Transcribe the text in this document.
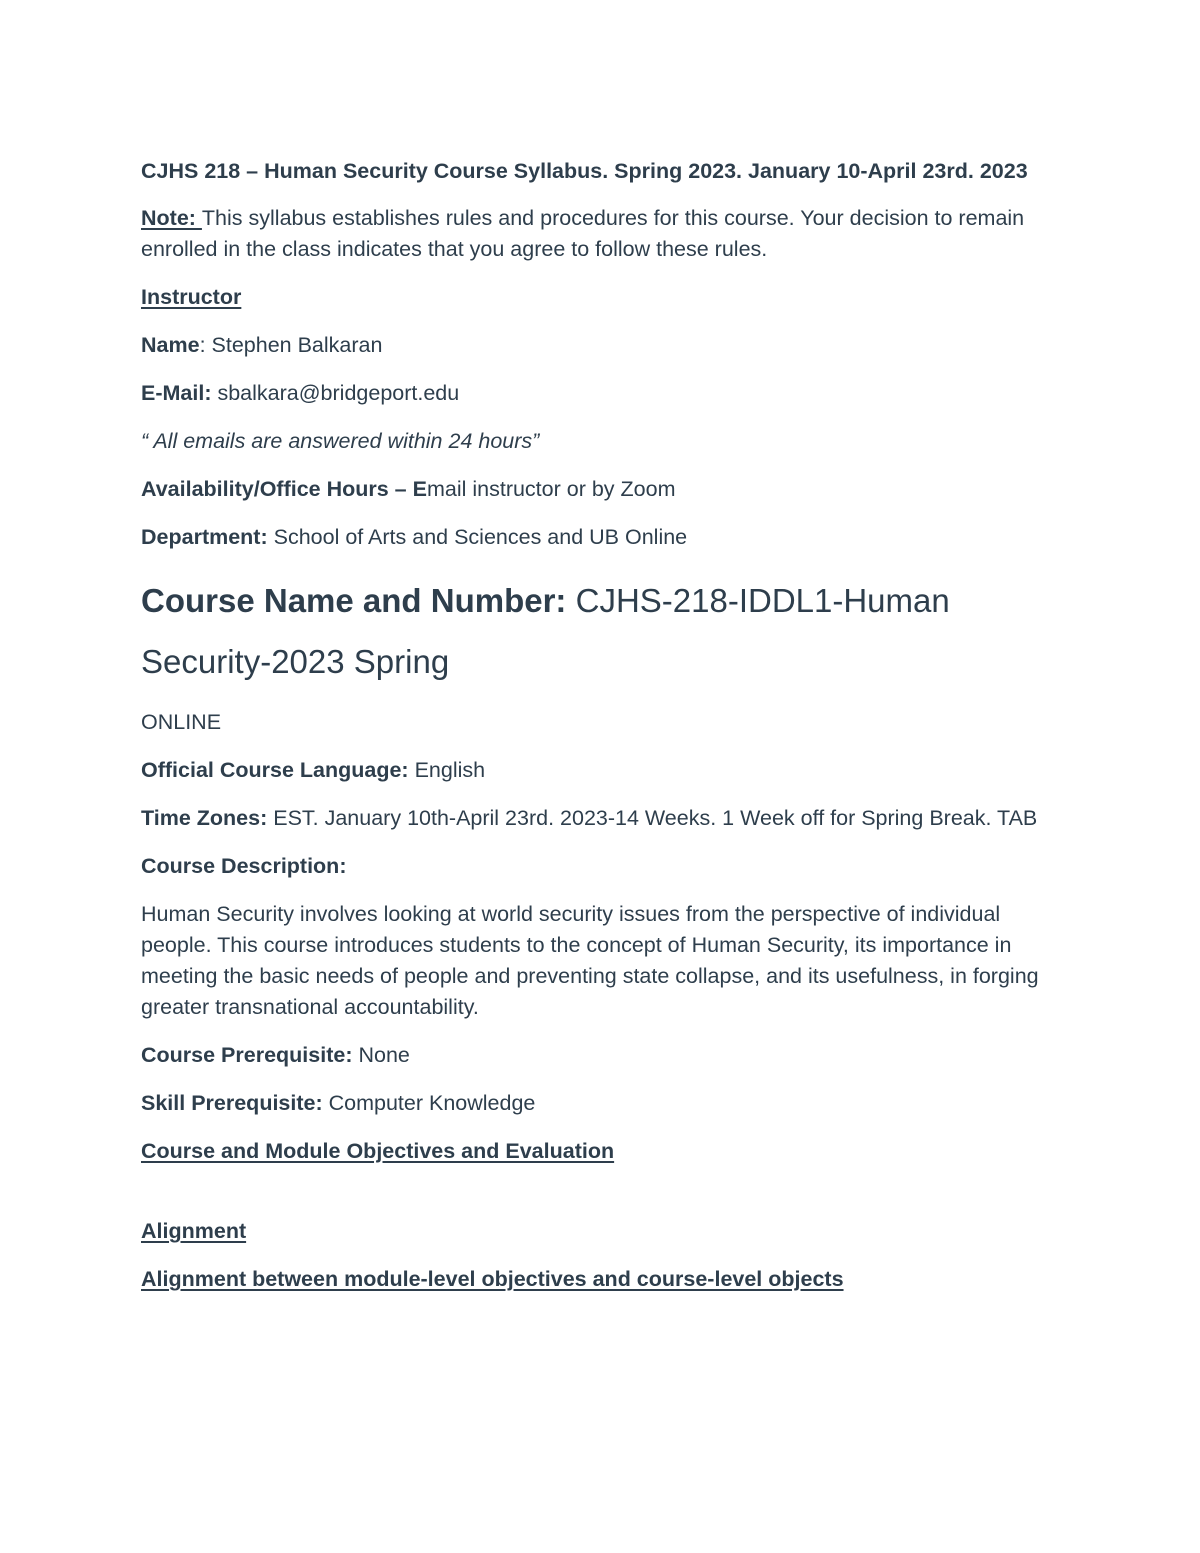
CJHS 218 – Human Security Course Syllabus. Spring 2023. January 10-April 23rd. 2023

Note: This syllabus establishes rules and procedures for this course. Your decision to remain enrolled in the class indicates that you agree to follow these rules.

Instructor

Name: Stephen Balkaran

E-Mail: sbalkara@bridgeport.edu

“ All emails are answered within 24 hours”

Availability/Office Hours – Email instructor or by Zoom

Department: School of Arts and Sciences and UB Online

Course Name and Number: CJHS-218-IDDL1-Human Security-2023 Spring

ONLINE

Official Course Language: English

Time Zones: EST. January 10th-April 23rd. 2023-14 Weeks. 1 Week off for Spring Break. TAB

Course Description:

Human Security involves looking at world security issues from the perspective of individual people. This course introduces students to the concept of Human Security, its importance in meeting the basic needs of people and preventing state collapse, and its usefulness, in forging greater transnational accountability.

Course Prerequisite: None

Skill Prerequisite: Computer Knowledge

Course and Module Objectives and Evaluation

Alignment

Alignment between module-level objectives and course-level objects
